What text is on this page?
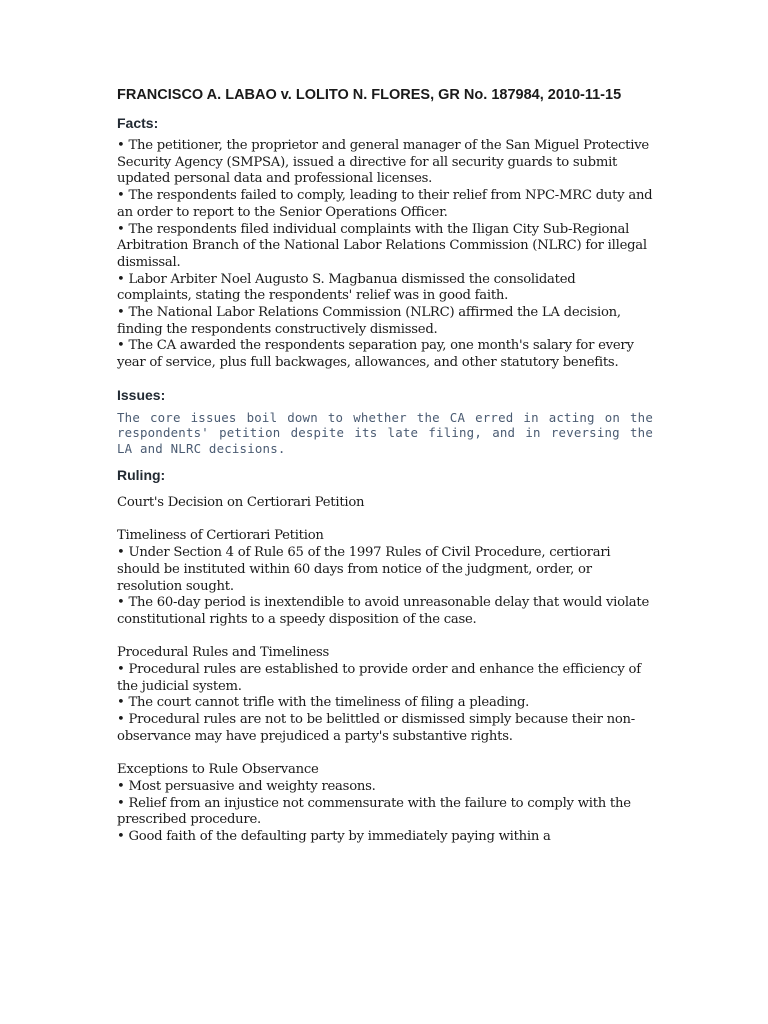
FRANCISCO A. LABAO v. LOLITO N. FLORES, GR No. 187984, 2010-11-15
Facts:

• The petitioner, the proprietor and general manager of the San Miguel Protective Security Agency (SMPSA), issued a directive for all security guards to submit updated personal data and professional licenses.

• The respondents failed to comply, leading to their relief from NPC-MRC duty and an order to report to the Senior Operations Officer.

• The respondents filed individual complaints with the Iligan City Sub-Regional Arbitration Branch of the National Labor Relations Commission (NLRC) for illegal dismissal.

• Labor Arbiter Noel Augusto S. Magbanua dismissed the consolidated complaints, stating the respondents' relief was in good faith.

• The National Labor Relations Commission (NLRC) affirmed the LA decision, finding the respondents constructively dismissed.

• The CA awarded the respondents separation pay, one month's salary for every year of service, plus full backwages, allowances, and other statutory benefits.

Issues:

The core issues boil down to whether the CA erred in acting on the respondents' petition despite its late filing, and in reversing the LA and NLRC decisions.

Ruling:

Court's Decision on Certiorari Petition

Timeliness of Certiorari Petition

• Under Section 4 of Rule 65 of the 1997 Rules of Civil Procedure, certiorari should be instituted within 60 days from notice of the judgment, order, or resolution sought.

• The 60-day period is inextendible to avoid unreasonable delay that would violate constitutional rights to a speedy disposition of the case.

Procedural Rules and Timeliness

• Procedural rules are established to provide order and enhance the efficiency of the judicial system.

• The court cannot trifle with the timeliness of filing a pleading.

• Procedural rules are not to be belittled or dismissed simply because their non-observance may have prejudiced a party's substantive rights.

Exceptions to Rule Observance

• Most persuasive and weighty reasons.

• Relief from an injustice not commensurate with the failure to comply with the prescribed procedure.

• Good faith of the defaulting party by immediately paying within a
